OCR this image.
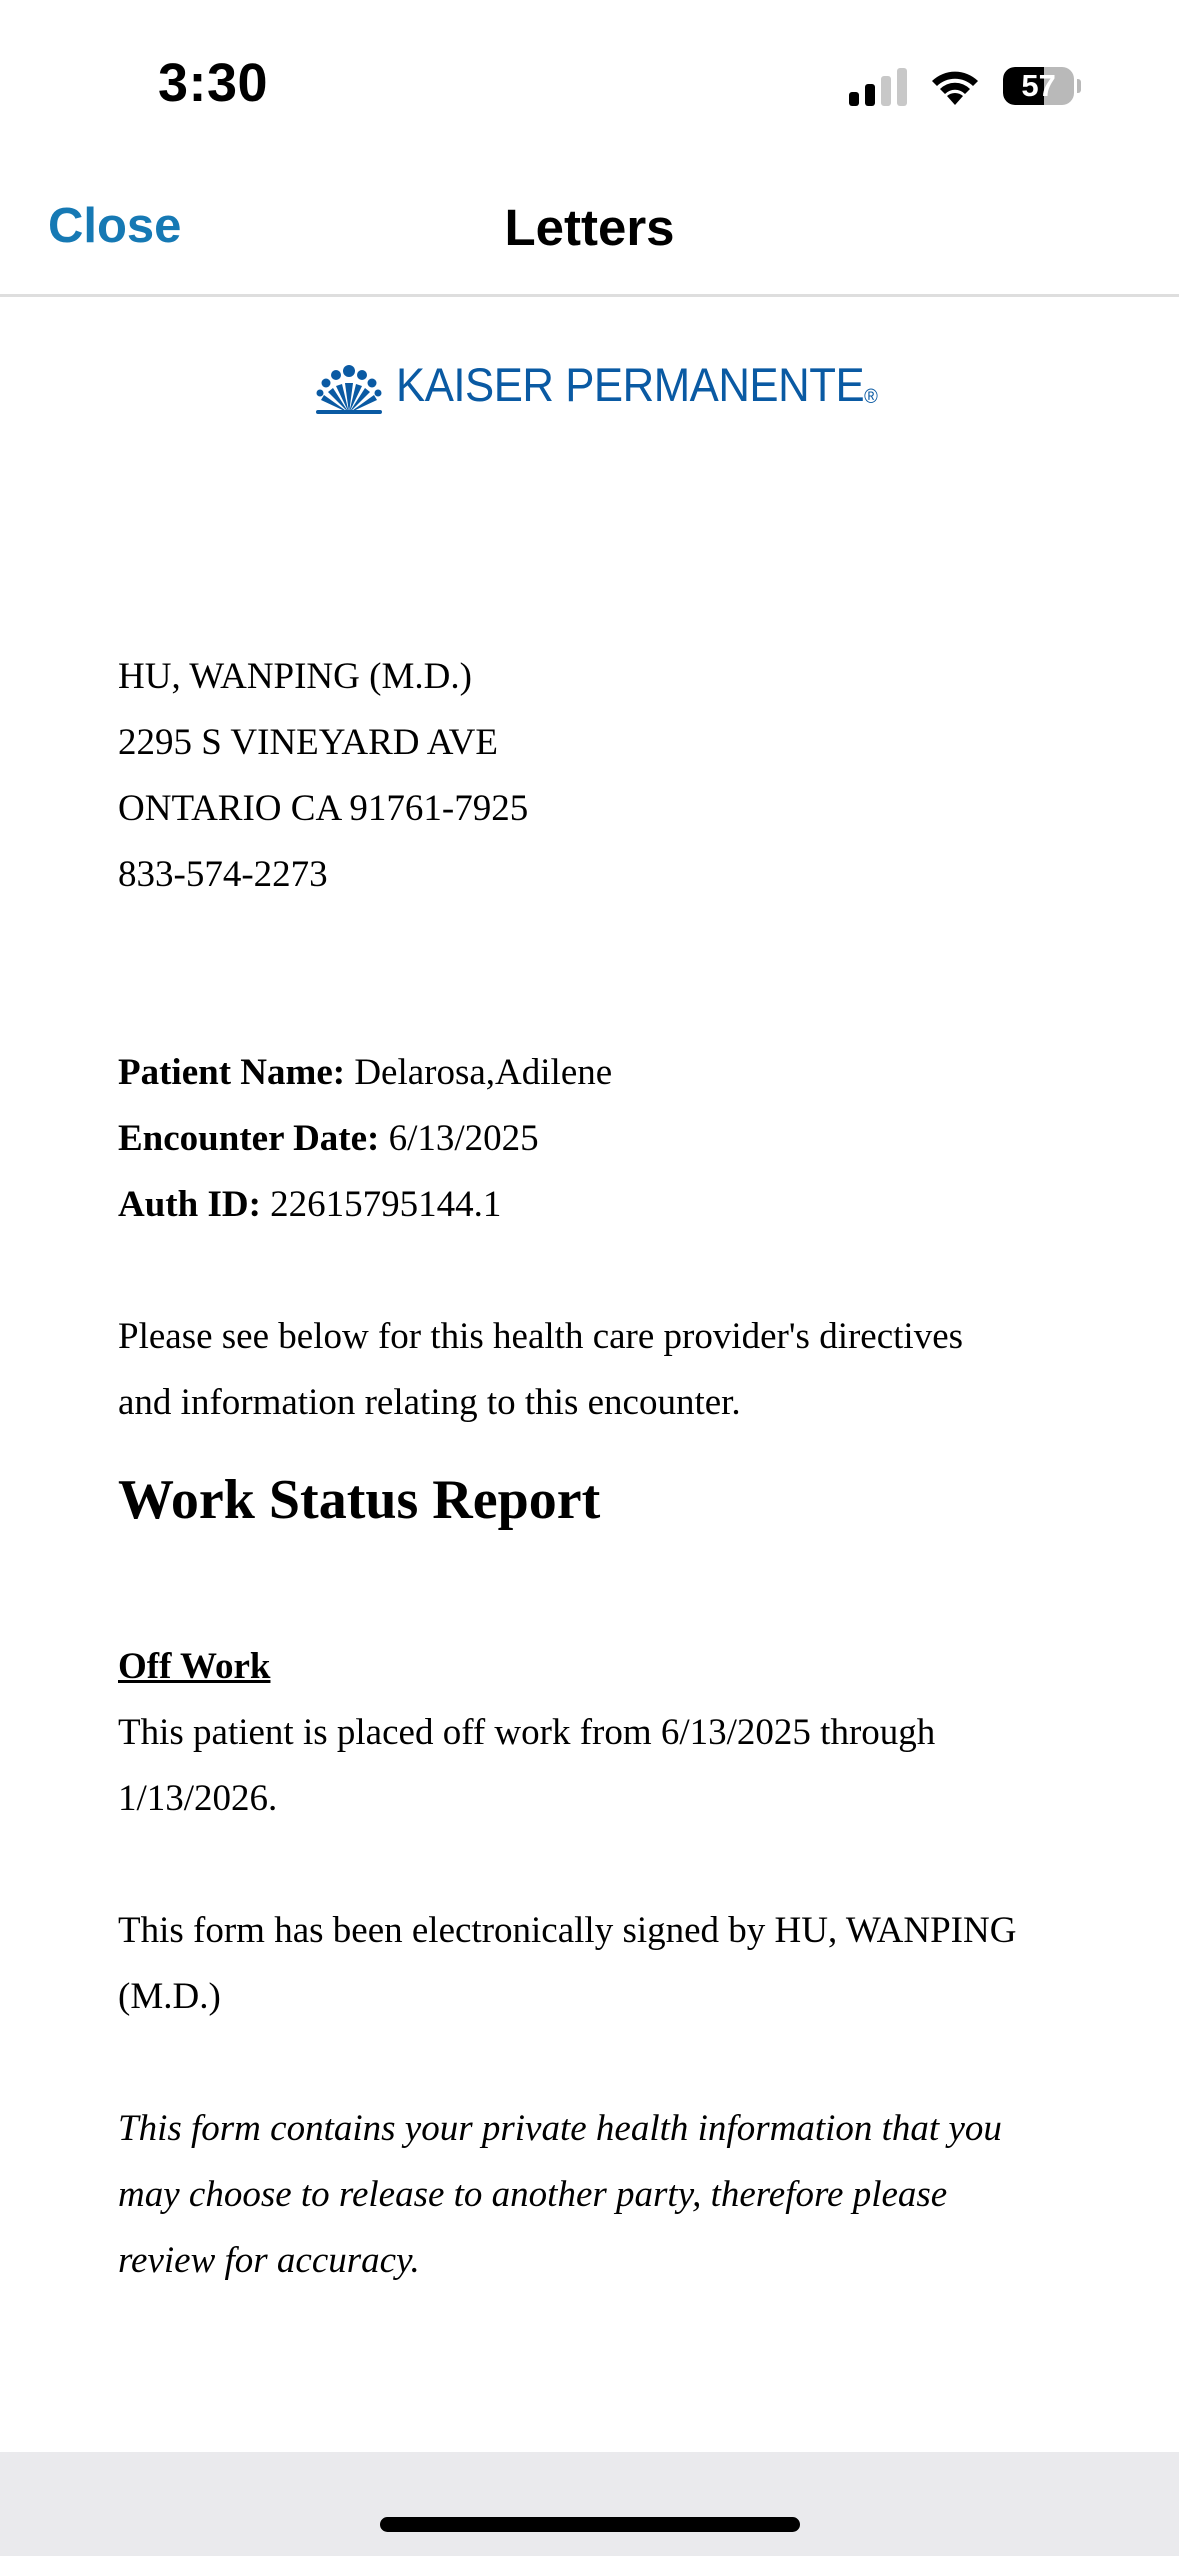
3:30	57
Close	Letters
KAISER PERMANENTE®
HU, WANPING (M.D.)
2295 S VINEYARD AVE
ONTARIO CA 91761-7925
833-574-2273
Patient Name: Delarosa,Adilene
Encounter Date: 6/13/2025
Auth ID: 22615795144.1

Please see below for this health care provider's directives
and information relating to this encounter.

Work Status Report

Off Work
This patient is placed off work from 6/13/2025 through
1/13/2026.

This form has been electronically signed by HU, WANPING
(M.D.)

This form contains your private health information that you
may choose to release to another party, therefore please
review for accuracy.
